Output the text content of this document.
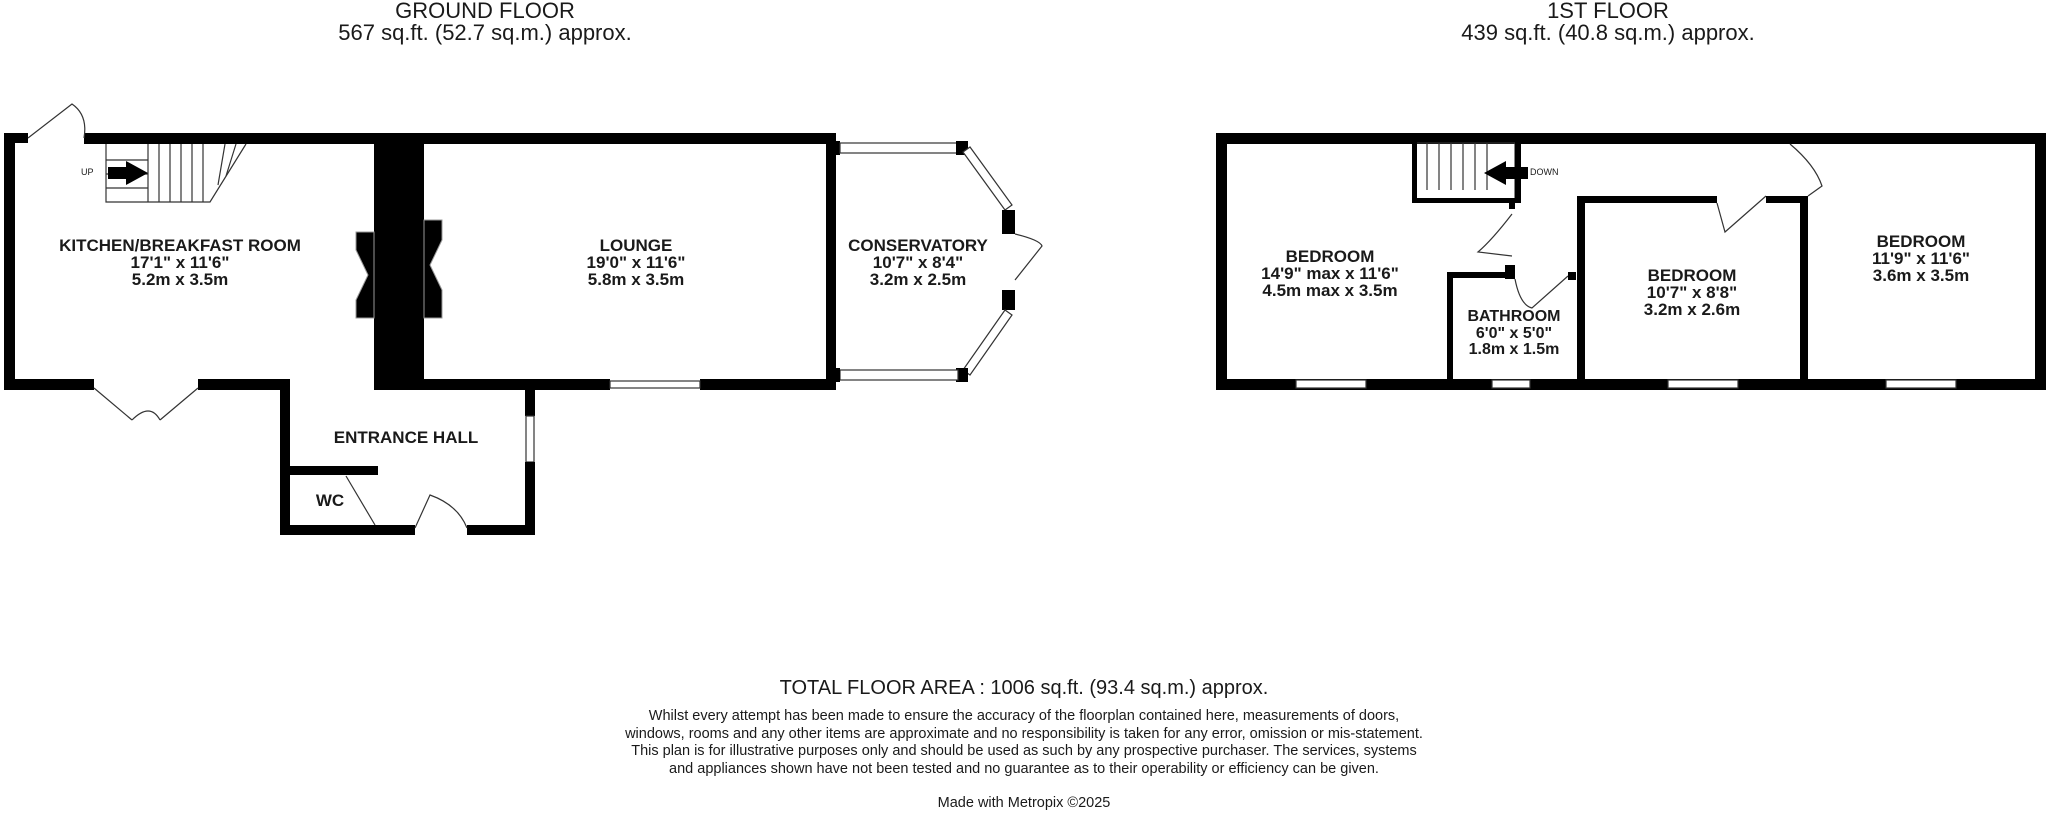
GROUND FLOOR
567 sq.ft. (52.7 sq.m.) approx.
1ST FLOOR
439 sq.ft. (40.8 sq.m.) approx.
UP
KITCHEN/BREAKFAST ROOM
17'1" x 11'6"
5.2m x 3.5m
LOUNGE
19'0" x 11'6"
5.8m x 3.5m
CONSERVATORY
10'7" x 8'4"
3.2m x 2.5m
ENTRANCE HALL
WC
DOWN
BEDROOM
14'9" max x 11'6"
4.5m max x 3.5m
BATHROOM
6'0" x 5'0"
1.8m x 1.5m
BEDROOM
10'7" x 8'8"
3.2m x 2.6m
BEDROOM
11'9" x 11'6"
3.6m x 3.5m
TOTAL FLOOR AREA : 1006 sq.ft. (93.4 sq.m.) approx.
Whilst every attempt has been made to ensure the accuracy of the floorplan contained here, measurements of doors, windows, rooms and any other items are approximate and no responsibility is taken for any error, omission or mis-statement. This plan is for illustrative purposes only and should be used as such by any prospective purchaser. The services, systems and appliances shown have not been tested and no guarantee as to their operability or efficiency can be given.
Made with Metropix ©2025
